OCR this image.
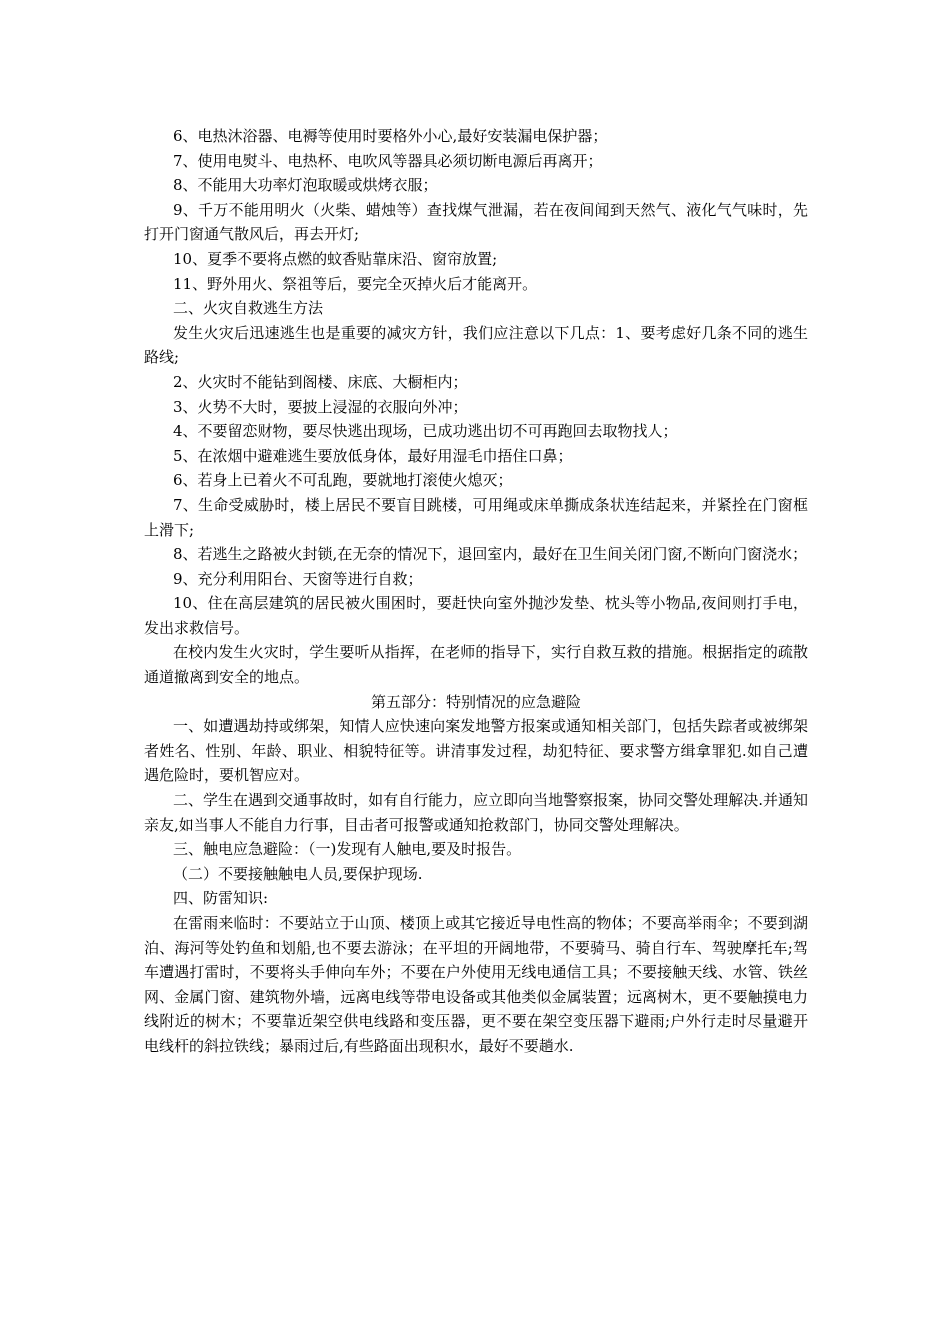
6、电热沐浴器、电褥等使用时要格外小心,最好安装漏电保护器；

7、使用电熨斗、电热杯、电吹风等器具必须切断电源后再离开；

8、不能用大功率灯泡取暖或烘烤衣服；

9、千万不能用明火（火柴、蜡烛等）查找煤气泄漏，若在夜间闻到天然气、液化气气味时，先打开门窗通气散风后，再去开灯;

10、夏季不要将点燃的蚊香贴靠床沿、窗帘放置;

11、野外用火、祭祖等后，要完全灭掉火后才能离开。

二、火灾自救逃生方法

发生火灾后迅速逃生也是重要的减灾方针，我们应注意以下几点：1、要考虑好几条不同的逃生路线;

2、火灾时不能钻到阁楼、床底、大橱柜内；

3、火势不大时，要披上浸湿的衣服向外冲；

4、不要留恋财物，要尽快逃出现场，已成功逃出切不可再跑回去取物找人；

5、在浓烟中避难逃生要放低身体，最好用湿毛巾捂住口鼻；

6、若身上已着火不可乱跑，要就地打滚使火熄灭；

7、生命受威胁时，楼上居民不要盲目跳楼，可用绳或床单撕成条状连结起来，并紧拴在门窗框上滑下;

8、若逃生之路被火封锁,在无奈的情况下，退回室内，最好在卫生间关闭门窗,不断向门窗浇水；

9、充分利用阳台、天窗等进行自救；

10、住在高层建筑的居民被火围困时，要赶快向室外抛沙发垫、枕头等小物品,夜间则打手电，发出求救信号。

在校内发生火灾时，学生要听从指挥，在老师的指导下，实行自救互救的措施。根据指定的疏散通道撤离到安全的地点。

第五部分：特别情况的应急避险

一、如遭遇劫持或绑架，知情人应快速向案发地警方报案或通知相关部门，包括失踪者或被绑架者姓名、性别、年龄、职业、相貌特征等。讲清事发过程，劫犯特征、要求警方缉拿罪犯.如自己遭遇危险时，要机智应对。

二、学生在遇到交通事故时，如有自行能力，应立即向当地警察报案，协同交警处理解决.并通知亲友,如当事人不能自力行事，目击者可报警或通知抢救部门，协同交警处理解决。

三、触电应急避险：（一)发现有人触电,要及时报告。

（二）不要接触触电人员,要保护现场.

四、防雷知识:

在雷雨来临时：不要站立于山顶、楼顶上或其它接近导电性高的物体；不要高举雨伞；不要到湖泊、海河等处钓鱼和划船,也不要去游泳；在平坦的开阔地带，不要骑马、骑自行车、驾驶摩托车;驾车遭遇打雷时，不要将头手伸向车外；不要在户外使用无线电通信工具；不要接触天线、水管、铁丝网、金属门窗、建筑物外墙，远离电线等带电设备或其他类似金属装置；远离树木，更不要触摸电力线附近的树木；不要靠近架空供电线路和变压器，更不要在架空变压器下避雨;户外行走时尽量避开电线杆的斜拉铁线；暴雨过后,有些路面出现积水，最好不要趟水.
